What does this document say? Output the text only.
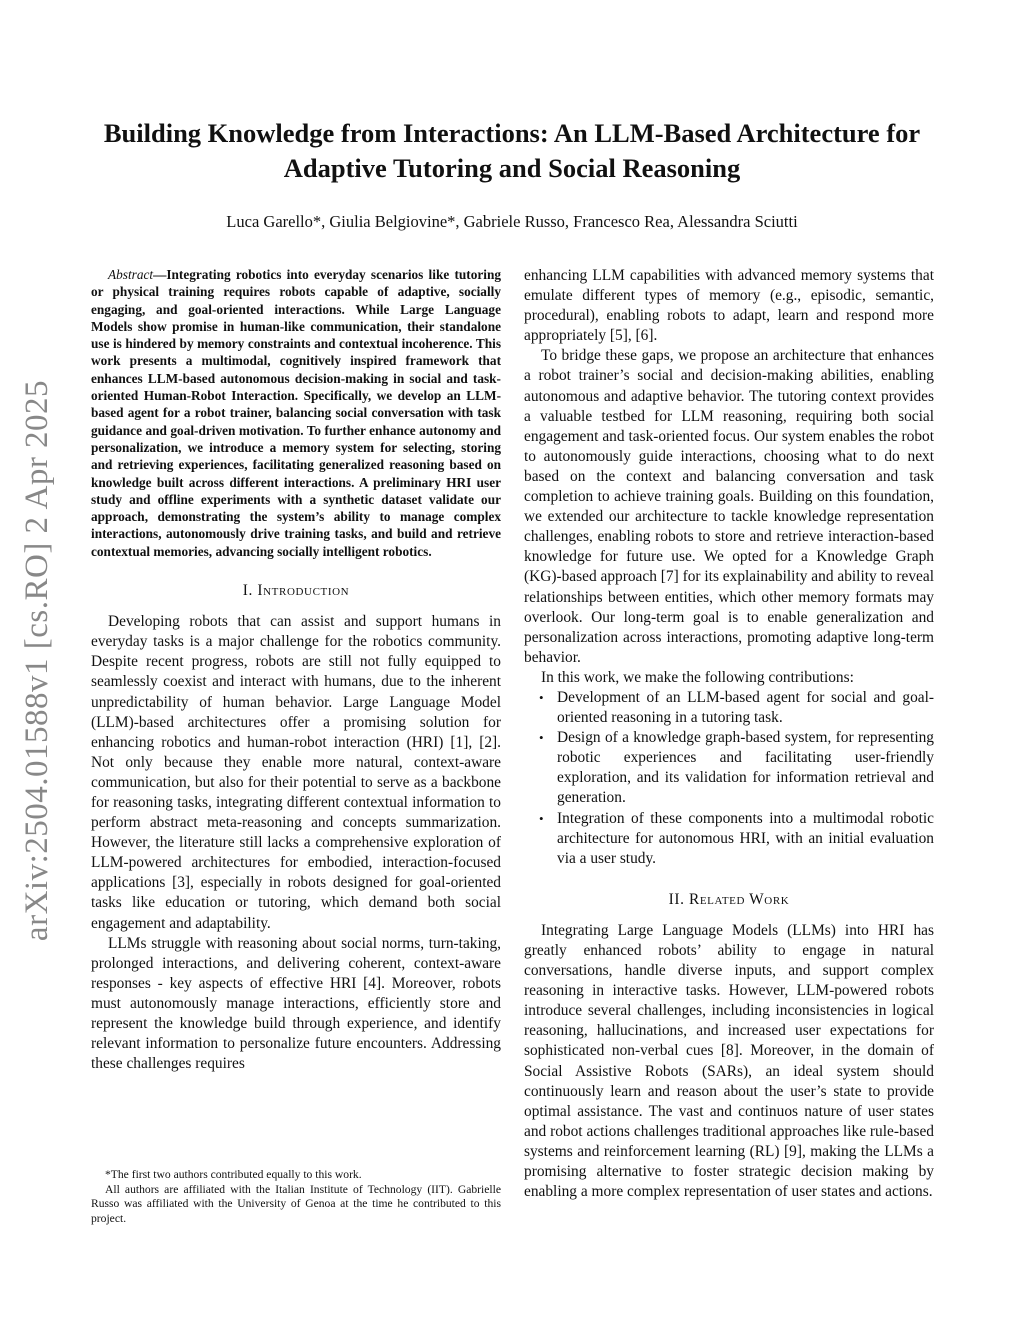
arXiv:2504.01588v1 [cs.RO] 2 Apr 2025
Building Knowledge from Interactions: An LLM-Based Architecture for
Adaptive Tutoring and Social Reasoning
Luca Garello*, Giulia Belgiovine*, Gabriele Russo, Francesco Rea, Alessandra Sciutti

Abstract—Integrating robotics into everyday scenarios like tutoring or physical training requires robots capable of adaptive, socially engaging, and goal-oriented interactions. While Large Language Models show promise in human-like communication, their standalone use is hindered by memory constraints and contextual incoherence. This work presents a multimodal, cognitively inspired framework that enhances LLM-based autonomous decision-making in social and task-oriented Human-Robot Interaction. Specifically, we develop an LLM-based agent for a robot trainer, balancing social conversation with task guidance and goal-driven motivation. To further enhance autonomy and personalization, we introduce a memory system for selecting, storing and retrieving experiences, facilitating generalized reasoning based on knowledge built across different interactions. A preliminary HRI user study and offline experiments with a synthetic dataset validate our approach, demonstrating the system’s ability to manage complex interactions, autonomously drive training tasks, and build and retrieve contextual memories, advancing socially intelligent robotics.

I. Introduction

Developing robots that can assist and support humans in everyday tasks is a major challenge for the robotics community. Despite recent progress, robots are still not fully equipped to seamlessly coexist and interact with humans, due to the inherent unpredictability of human behavior. Large Language Model (LLM)-based architectures offer a promising solution for enhancing robotics and human-robot interaction (HRI) [1], [2]. Not only because they enable more natural, context-aware communication, but also for their potential to serve as a backbone for reasoning tasks, integrating different contextual information to perform abstract meta-reasoning and concepts summarization. However, the literature still lacks a comprehensive exploration of LLM-powered architectures for embodied, interaction-focused applications [3], especially in robots designed for goal-oriented tasks like education or tutoring, which demand both social engagement and adaptability.

LLMs struggle with reasoning about social norms, turn-taking, prolonged interactions, and delivering coherent, context-aware responses - key aspects of effective HRI [4]. Moreover, robots must autonomously manage interactions, efficiently store and represent the knowledge build through experience, and identify relevant information to personalize future encounters. Addressing these challenges requires

*The first two authors contributed equally to this work.

All authors are affiliated with the Italian Institute of Technology (IIT). Gabrielle Russo was affiliated with the University of Genoa at the time he contributed to this project.

enhancing LLM capabilities with advanced memory systems that emulate different types of memory (e.g., episodic, semantic, procedural), enabling robots to adapt, learn and respond more appropriately [5], [6].

To bridge these gaps, we propose an architecture that enhances a robot trainer’s social and decision-making abilities, enabling autonomous and adaptive behavior. The tutoring context provides a valuable testbed for LLM reasoning, requiring both social engagement and task-oriented focus. Our system enables the robot to autonomously guide interactions, choosing what to do next based on the context and balancing conversation and task completion to achieve training goals. Building on this foundation, we extended our architecture to tackle knowledge representation challenges, enabling robots to store and retrieve interaction-based knowledge for future use. We opted for a Knowledge Graph (KG)-based approach [7] for its explainability and ability to reveal relationships between entities, which other memory formats may overlook. Our long-term goal is to enable generalization and personalization across interactions, promoting adaptive long-term behavior.

In this work, we make the following contributions:

• Development of an LLM-based agent for social and goal-oriented reasoning in a tutoring task.
• Design of a knowledge graph-based system, for representing robotic experiences and facilitating user-friendly exploration, and its validation for information retrieval and generation.
• Integration of these components into a multimodal robotic architecture for autonomous HRI, with an initial evaluation via a user study.
II. Related Work

Integrating Large Language Models (LLMs) into HRI has greatly enhanced robots’ ability to engage in natural conversations, handle diverse inputs, and support complex reasoning in interactive tasks. However, LLM-powered robots introduce several challenges, including inconsistencies in logical reasoning, hallucinations, and increased user expectations for sophisticated non-verbal cues [8]. Moreover, in the domain of Social Assistive Robots (SARs), an ideal system should continuously learn and reason about the user’s state to provide optimal assistance. The vast and continuos nature of user states and robot actions challenges traditional approaches like rule-based systems and reinforcement learning (RL) [9], making the LLMs a promising alternative to foster strategic decision making by enabling a more complex representation of user states and actions.
